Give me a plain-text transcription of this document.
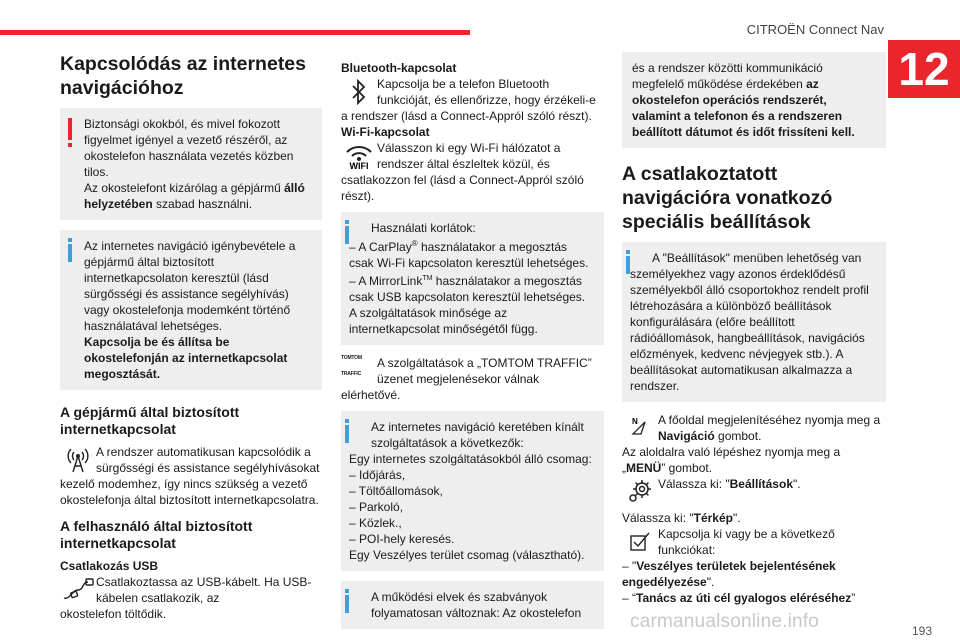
CITROËN Connect Nav
12
Kapcsolódás az internetes navigációhoz

Biztonsági okokból, és mivel fokozott figyelmet igényel a vezető részéről, az okostelefon használata vezetés közben tilos.

Az okostelefont kizárólag a gépjármű álló helyzetében szabad használni.

Az internetes navigáció igénybevétele a gépjármű által biztosított internetkapcsolaton keresztül (lásd sürgősségi és assistance segélyhívás) vagy okostelefonja modemként történő használatával lehetséges.

Kapcsolja be és állítsa be okostelefonján az internetkapcsolat megosztását.

A gépjármű által biztosított internetkapcsolat
A rendszer automatikusan kapcsolódik a sürgősségi és assistance segélyhívásokat

kezelő modemhez, így nincs szükség a vezető okostelefonja által biztosított internetkapcsolatra.

A felhasználó által biztosított internetkapcsolat

Csatlakozás USB

Csatlakoztassa az USB-kábelt. Ha USB-kábelen csatlakozik, az

okostelefon töltődik.

Bluetooth-kapcsolat

Kapcsolja be a telefon Bluetooth funkcióját, és ellenőrizze, hogy érzékeli-e

a rendszer (lásd a Connect-Appról szóló részt).

Wi-Fi-kapcsolat

WIFI
Válasszon ki egy Wi-Fi hálózatot a rendszer által észleltek közül, és

csatlakozzon fel (lásd a Connect-Appról szóló részt).

Használati korlátok:

– A CarPlay® használatakor a megosztás csak Wi-Fi kapcsolaton keresztül lehetséges.

– A MirrorLink™ használatakor a megosztás csak USB kapcsolaton keresztül lehetséges.

A szolgáltatások minősége az internetkapcsolat minőségétől függ.

TOMTOM TRAFFIC
A szolgáltatások a „TOMTOM TRAFFIC” üzenet megjelenésekor válnak

elérhetővé.

Az internetes navigáció keretében kínált szolgáltatások a következők:

Egy internetes szolgáltatásokból álló csomag:

– Időjárás,

– Töltőállomások,

– Parkoló,

– Közlek.,

– POI-hely keresés.

Egy Veszélyes terület csomag (választható).

A működési elvek és szabványok folyamatosan változnak: Az okostelefon

és a rendszer közötti kommunikáció megfelelő működése érdekében az okostelefon operációs rendszerét, valamint a telefonon és a rendszeren beállított dátumot és időt frissíteni kell.

A csatlakoztatott navigációra vonatkozó speciális beállítások

A "Beállítások" menüben lehetőség van személyekhez vagy azonos érdeklődésű személyekből álló csoportokhoz rendelt profil létrehozására a különböző beállítások konfigurálására (előre beállított rádióállomások, hangbeállítások, navigációs előzmények, kedvenc névjegyek stb.). A beállításokat automatikusan alkalmazza a rendszer.

N A főoldal megjelenítéséhez nyomja meg a Navigáció gombot.

Az aloldalra való lépéshez nyomja meg a „MENÜ” gombot.

Válassza ki: "Beállítások".

Válassza ki: "Térkép".

Kapcsolja ki vagy be a következő funkciókat:

– "Veszélyes területek bejelentésének engedélyezése".

– “Tanács az úti cél gyalogos eléréséhez”

carmanualsonline.info	193
